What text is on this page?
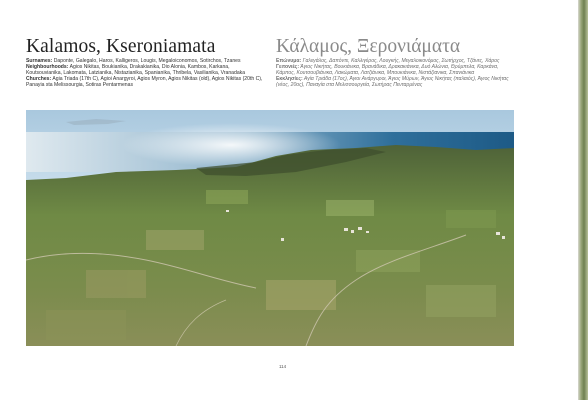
Kalamos, Kseroniamata	Κάλαμος, Ξερονιάματα

Surnames: Daponte, Galegalo, Haros, Kalligeros, Lougis, Megaloiconomos, Sotirchos, Tzanes

Neighbourhoods: Agios Nikitas, Boukianika, Drakakianika, Dio Alonia, Kambos, Karkana, Koutsouvianika, Lakomata, Latzianika, Nistazianika, Spanianika, Thribela, Vasilianika, Vranadaka

Churches: Agia Triada (17th C), Agioi Anargyroi, Agios Myron, Agios Nikitas (old), Agios Nikitas (20th C), Panayia sta Melissourgia, Sotiras Pentarmenas

Επώνυμα: Γαλεγάλος, Δαπόντε, Καλλιγέρος, Λουγκής, Μεγαλοικονόμος, Σωτήρχος, Τζάνες, Χάρος

Γειτονιές: Άγιος Νικήτας, Βουκιάνικα, Βρανάδικα, Δρακακιάνικα, Δυό Αλώνια, Θρύμπελα, Καρκάνα, Κάμπος, Κουτσουβιάνικα, Λακώματα, Λατζιάνικα, Μπουκιάνικα, Νιστάζιανικα, Σπανιάνικα

Εκκλησίες: Αγία Τριάδα (17ος), Άγιοι Ανάργυροι, Άγιος Μύρων, Άγιος Νικήτας (παλαιός), Άγιος Νικήτας (νέος, 20ος), Παναγία στα Μελισσουργεία, Σωτήρας Πενταρμένας

114
